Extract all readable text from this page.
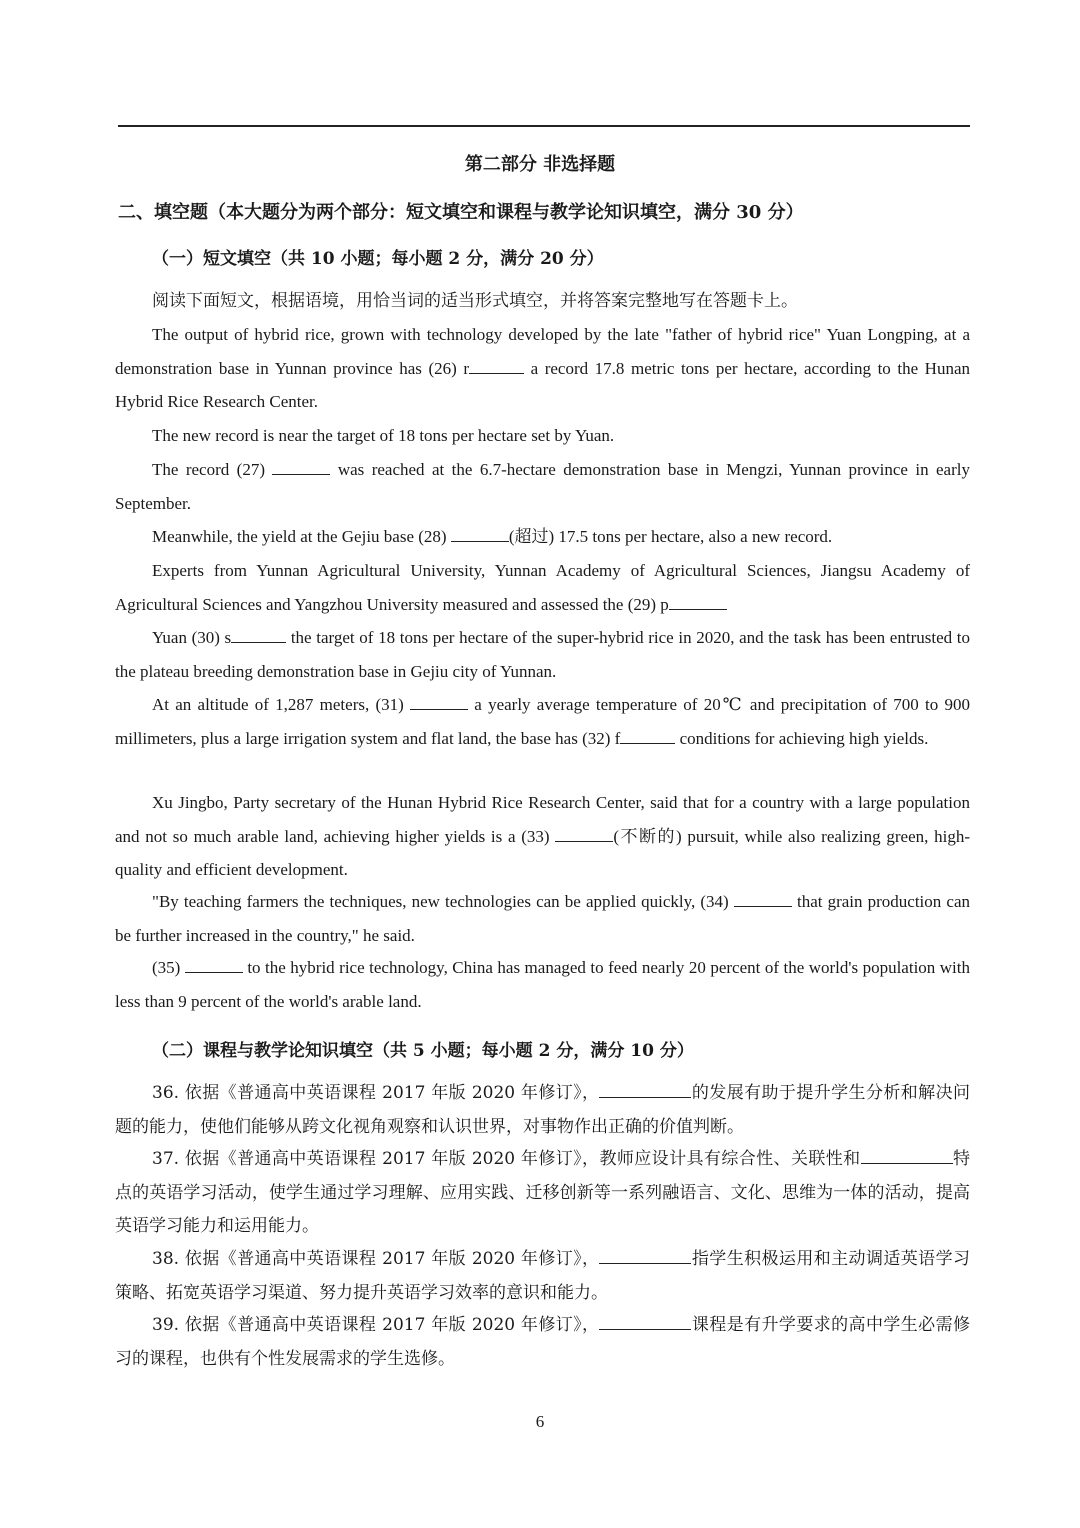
第二部分 非选择题
二、填空题（本大题分为两个部分：短文填空和课程与教学论知识填空，满分 30 分）
（一）短文填空（共 10 小题；每小题 2 分，满分 20 分）
阅读下面短文，根据语境，用恰当词的适当形式填空，并将答案完整地写在答题卡上。
The output of hybrid rice, grown with technology developed by the late "father of hybrid rice" Yuan Longping, at a demonstration base in Yunnan province has (26) r	a record 17.8 metric tons per hectare, according to the Hunan Hybrid Rice Research Center.
The new record is near the target of 18 tons per hectare set by Yuan.
The record (27)	was reached at the 6.7-hectare demonstration base in Mengzi, Yunnan province in early September.
Meanwhile, the yield at the Gejiu base (28)	(超过) 17.5 tons per hectare, also a new record.
Experts from Yunnan Agricultural University, Yunnan Academy of Agricultural Sciences, Jiangsu Academy of Agricultural Sciences and Yangzhou University measured and assessed the (29) p
Yuan (30) s	the target of 18 tons per hectare of the super-hybrid rice in 2020, and the task has been entrusted to the plateau breeding demonstration base in Gejiu city of Yunnan.
At an altitude of 1,287 meters, (31)	a yearly average temperature of 20℃ and precipitation of 700 to 900 millimeters, plus a large irrigation system and flat land, the base has (32) f	conditions for achieving high yields.
Xu Jingbo, Party secretary of the Hunan Hybrid Rice Research Center, said that for a country with a large population and not so much arable land, achieving higher yields is a (33)	(不断的) pursuit, while also realizing green, high-quality and efficient development.
"By teaching farmers the techniques, new technologies can be applied quickly, (34)	that grain production can be further increased in the country," he said.
(35)	to the hybrid rice technology, China has managed to feed nearly 20 percent of the world's population with less than 9 percent of the world's arable land.
（二）课程与教学论知识填空（共 5 小题；每小题 2 分，满分 10 分）
36. 依据《普通高中英语课程 2017 年版 2020 年修订》，	的发展有助于提升学生分析和解决问题的能力，使他们能够从跨文化视角观察和认识世界，对事物作出正确的价值判断。
37. 依据《普通高中英语课程 2017 年版 2020 年修订》，教师应设计具有综合性、关联性和	特点的英语学习活动，使学生通过学习理解、应用实践、迁移创新等一系列融语言、文化、思维为一体的活动，提高英语学习能力和运用能力。
38. 依据《普通高中英语课程 2017 年版 2020 年修订》，	指学生积极运用和主动调适英语学习策略、拓宽英语学习渠道、努力提升英语学习效率的意识和能力。
39. 依据《普通高中英语课程 2017 年版 2020 年修订》，	课程是有升学要求的高中学生必需修习的课程，也供有个性发展需求的学生选修。
6
